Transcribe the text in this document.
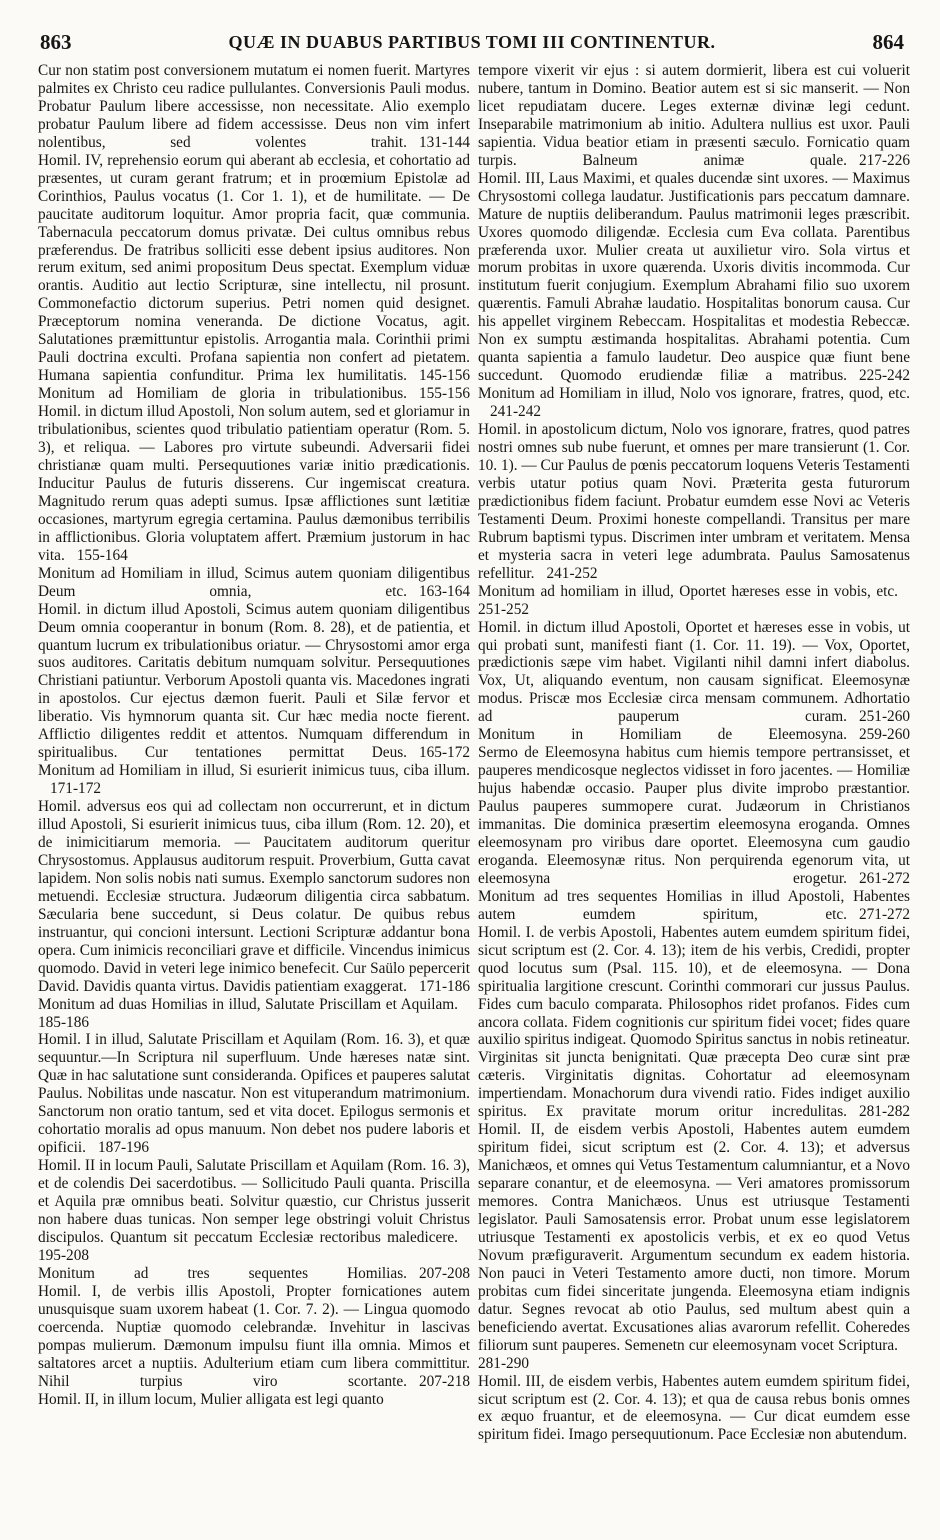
863	QUÆ IN DUABUS PARTIBUS TOMI III CONTINENTUR.	864

Cur non statim post conversionem mutatum ei nomen fuerit. Martyres palmites ex Christo ceu radice pullulantes. Conversionis Pauli modus. Probatur Paulum libere accessisse, non necessitate. Alio exemplo probatur Paulum libere ad fidem accessisse. Deus non vim infert nolentibus, sed volentes trahit. 131-144

Homil. IV, reprehensio eorum qui aberant ab ecclesia, et cohortatio ad præsentes, ut curam gerant fratrum; et in proœmium Epistolæ ad Corinthios, Paulus vocatus (1. Cor 1. 1), et de humilitate. — De paucitate auditorum loquitur. Amor propria facit, quæ communia. Tabernacula peccatorum domus privatæ. Dei cultus omnibus rebus præferendus. De fratribus solliciti esse debent ipsius auditores. Non rerum exitum, sed animi propositum Deus spectat. Exemplum viduæ orantis. Auditio aut lectio Scripturæ, sine intellectu, nil prosunt. Commonefactio dictorum superius. Petri nomen quid designet. Præceptorum nomina veneranda. De dictione Vocatus, agit. Salutationes præmittuntur epistolis. Arrogantia mala. Corinthii primi Pauli doctrina exculti. Profana sapientia non confert ad pietatem. Humana sapientia confunditur. Prima lex humilitatis. 145-156

Monitum ad Homiliam de gloria in tribulationibus. 155-156

Homil. in dictum illud Apostoli, Non solum autem, sed et gloriamur in tribulationibus, scientes quod tribulatio patientiam operatur (Rom. 5. 3), et reliqua. — Labores pro virtute subeundi. Adversarii fidei christianæ quam multi. Persequutiones variæ initio prædicationis. Inducitur Paulus de futuris disserens. Cur ingemiscat creatura. Magnitudo rerum quas adepti sumus. Ipsæ afflictiones sunt lætitiæ occasiones, martyrum egregia certamina. Paulus dæmonibus terribilis in afflictionibus. Gloria voluptatem affert. Præmium justorum in hac vita. 155-164

Monitum ad Homiliam in illud, Scimus autem quoniam diligentibus Deum omnia, etc. 163-164

Homil. in dictum illud Apostoli, Scimus autem quoniam diligentibus Deum omnia cooperantur in bonum (Rom. 8. 28), et de patientia, et quantum lucrum ex tribulationibus oriatur. — Chrysostomi amor erga suos auditores. Caritatis debitum numquam solvitur. Persequutiones Christiani patiuntur. Verborum Apostoli quanta vis. Macedones ingrati in apostolos. Cur ejectus dæmon fuerit. Pauli et Silæ fervor et liberatio. Vis hymnorum quanta sit. Cur hæc media nocte fierent. Afflictio diligentes reddit et attentos. Numquam differendum in spiritualibus. Cur tentationes permittat Deus. 165-172

Monitum ad Homiliam in illud, Si esurierit inimicus tuus, ciba illum.171-172

Homil. adversus eos qui ad collectam non occurrerunt, et in dictum illud Apostoli, Si esurierit inimicus tuus, ciba illum (Rom. 12. 20), et de inimicitiarum memoria. — Paucitatem auditorum queritur Chrysostomus. Applausus auditorum respuit. Proverbium, Gutta cavat lapidem. Non solis nobis nati sumus. Exemplo sanctorum sudores non metuendi. Ecclesiæ structura. Judæorum diligentia circa sabbatum. Sæcularia bene succedunt, si Deus colatur. De quibus rebus instruantur, qui concioni intersunt. Lectioni Scripturæ addantur bona opera. Cum inimicis reconciliari grave et difficile. Vincendus inimicus quomodo. David in veteri lege inimico benefecit. Cur Saülo pepercerit David. Davidis quanta virtus. Davidis patientiam exaggerat. 171-186

Monitum ad duas Homilias in illud, Salutate Priscillam et Aquilam.185-186

Homil. I in illud, Salutate Priscillam et Aquilam (Rom. 16. 3), et quæ sequuntur.—In Scriptura nil superfluum. Unde hæreses natæ sint. Quæ in hac salutatione sunt consideranda. Opifices et pauperes salutat Paulus. Nobilitas unde nascatur. Non est vituperandum matrimonium. Sanctorum non oratio tantum, sed et vita docet. Epilogus sermonis et cohortatio moralis ad opus manuum. Non debet nos pudere laboris et opificii. 187-196

Homil. II in locum Pauli, Salutate Priscillam et Aquilam (Rom. 16. 3), et de colendis Dei sacerdotibus. — Sollicitudo Pauli quanta. Priscilla et Aquila præ omnibus beati. Solvitur quæstio, cur Christus jusserit non habere duas tunicas. Non semper lege obstringi voluit Christus discipulos. Quantum sit peccatum Ecclesiæ rectoribus maledicere.195-208

Monitum ad tres sequentes Homilias. 207-208

Homil. I, de verbis illis Apostoli, Propter fornicationes autem unusquisque suam uxorem habeat (1. Cor. 7. 2). — Lingua quomodo coercenda. Nuptiæ quomodo celebrandæ. Invehitur in lascivas pompas mulierum. Dæmonum impulsu fiunt illa omnia. Mimos et saltatores arcet a nuptiis. Adulterium etiam cum libera committitur. Nihil turpius viro scortante. 207-218

Homil. II, in illum locum, Mulier alligata est legi quanto

tempore vixerit vir ejus : si autem dormierit, libera est cui voluerit nubere, tantum in Domino. Beatior autem est si sic manserit. — Non licet repudiatam ducere. Leges externæ divinæ legi cedunt. Inseparabile matrimonium ab initio. Adultera nullius est uxor. Pauli sapientia. Vidua beatior etiam in præsenti sæculo. Fornicatio quam turpis. Balneum animæ quale. 217-226

Homil. III, Laus Maximi, et quales ducendæ sint uxores. — Maximus Chrysostomi collega laudatur. Justificationis pars peccatum damnare. Mature de nuptiis deliberandum. Paulus matrimonii leges præscribit. Uxores quomodo diligendæ. Ecclesia cum Eva collata. Parentibus præferenda uxor. Mulier creata ut auxilietur viro. Sola virtus et morum probitas in uxore quærenda. Uxoris divitis incommoda. Cur institutum fuerit conjugium. Exemplum Abrahami filio suo uxorem quærentis. Famuli Abrahæ laudatio. Hospitalitas bonorum causa. Cur his appellet virginem Rebeccam. Hospitalitas et modestia Rebeccæ. Non ex sumptu æstimanda hospitalitas. Abrahami potentia. Cum quanta sapientia a famulo laudetur. Deo auspice quæ fiunt bene succedunt. Quomodo erudiendæ filiæ a matribus. 225-242

Monitum ad Homiliam in illud, Nolo vos ignorare, fratres, quod, etc.241-242

Homil. in apostolicum dictum, Nolo vos ignorare, fratres, quod patres nostri omnes sub nube fuerunt, et omnes per mare transierunt (1. Cor. 10. 1). — Cur Paulus de pœnis peccatorum loquens Veteris Testamenti verbis utatur potius quam Novi. Præterita gesta futurorum prædictionibus fidem faciunt. Probatur eumdem esse Novi ac Veteris Testamenti Deum. Proximi honeste compellandi. Transitus per mare Rubrum baptismi typus. Discrimen inter umbram et veritatem. Mensa et mysteria sacra in veteri lege adumbrata. Paulus Samosatenus refellitur. 241-252

Monitum ad homiliam in illud, Oportet hæreses esse in vobis, etc.251-252

Homil. in dictum illud Apostoli, Oportet et hæreses esse in vobis, ut qui probati sunt, manifesti fiant (1. Cor. 11. 19). — Vox, Oportet, prædictionis sæpe vim habet. Vigilanti nihil damni infert diabolus. Vox, Ut, aliquando eventum, non causam significat. Eleemosynæ modus. Priscæ mos Ecclesiæ circa mensam communem. Adhortatio ad pauperum curam. 251-260

Monitum in Homiliam de Eleemosyna. 259-260

Sermo de Eleemosyna habitus cum hiemis tempore pertransisset, et pauperes mendicosque neglectos vidisset in foro jacentes. — Homiliæ hujus habendæ occasio. Pauper plus divite improbo præstantior. Paulus pauperes summopere curat. Judæorum in Christianos immanitas. Die dominica præsertim eleemosyna eroganda. Omnes eleemosynam pro viribus dare oportet. Eleemosyna cum gaudio eroganda. Eleemosynæ ritus. Non perquirenda egenorum vita, ut eleemosyna erogetur. 261-272

Monitum ad tres sequentes Homilias in illud Apostoli, Habentes autem eumdem spiritum, etc. 271-272

Homil. I. de verbis Apostoli, Habentes autem eumdem spiritum fidei, sicut scriptum est (2. Cor. 4. 13); item de his verbis, Credidi, propter quod locutus sum (Psal. 115. 10), et de eleemosyna. — Dona spiritualia largitione crescunt. Corinthi commorari cur jussus Paulus. Fides cum baculo comparata. Philosophos ridet profanos. Fides cum ancora collata. Fidem cognitionis cur spiritum fidei vocet; fides quare auxilio spiritus indigeat. Quomodo Spiritus sanctus in nobis retineatur. Virginitas sit juncta benignitati. Quæ præcepta Deo curæ sint præ cæteris. Virginitatis dignitas. Cohortatur ad eleemosynam impertiendam. Monachorum dura vivendi ratio. Fides indiget auxilio spiritus. Ex pravitate morum oritur incredulitas. 281-282

Homil. II, de eisdem verbis Apostoli, Habentes autem eumdem spiritum fidei, sicut scriptum est (2. Cor. 4. 13); et adversus Manichæos, et omnes qui Vetus Testamentum calumniantur, et a Novo separare conantur, et de eleemosyna. — Veri amatores promissorum memores. Contra Manichæos. Unus est utriusque Testamenti legislator. Pauli Samosatensis error. Probat unum esse legislatorem utriusque Testamenti ex apostolicis verbis, et ex eo quod Vetus Novum præfiguraverit. Argumentum secundum ex eadem historia. Non pauci in Veteri Testamento amore ducti, non timore. Morum probitas cum fidei sinceritate jungenda. Eleemosyna etiam indignis datur. Segnes revocat ab otio Paulus, sed multum abest quin a beneficiendo avertat. Excusationes alias avarorum refellit. Coheredes filiorum sunt pauperes. Semenetn cur eleemosynam vocet Scriptura.281-290

Homil. III, de eisdem verbis, Habentes autem eumdem spiritum fidei, sicut scriptum est (2. Cor. 4. 13); et qua de causa rebus bonis omnes ex æquo fruantur, et de eleemosyna. — Cur dicat eumdem esse spiritum fidei. Imago persequutionum. Pace Ecclesiæ non abutendum.
